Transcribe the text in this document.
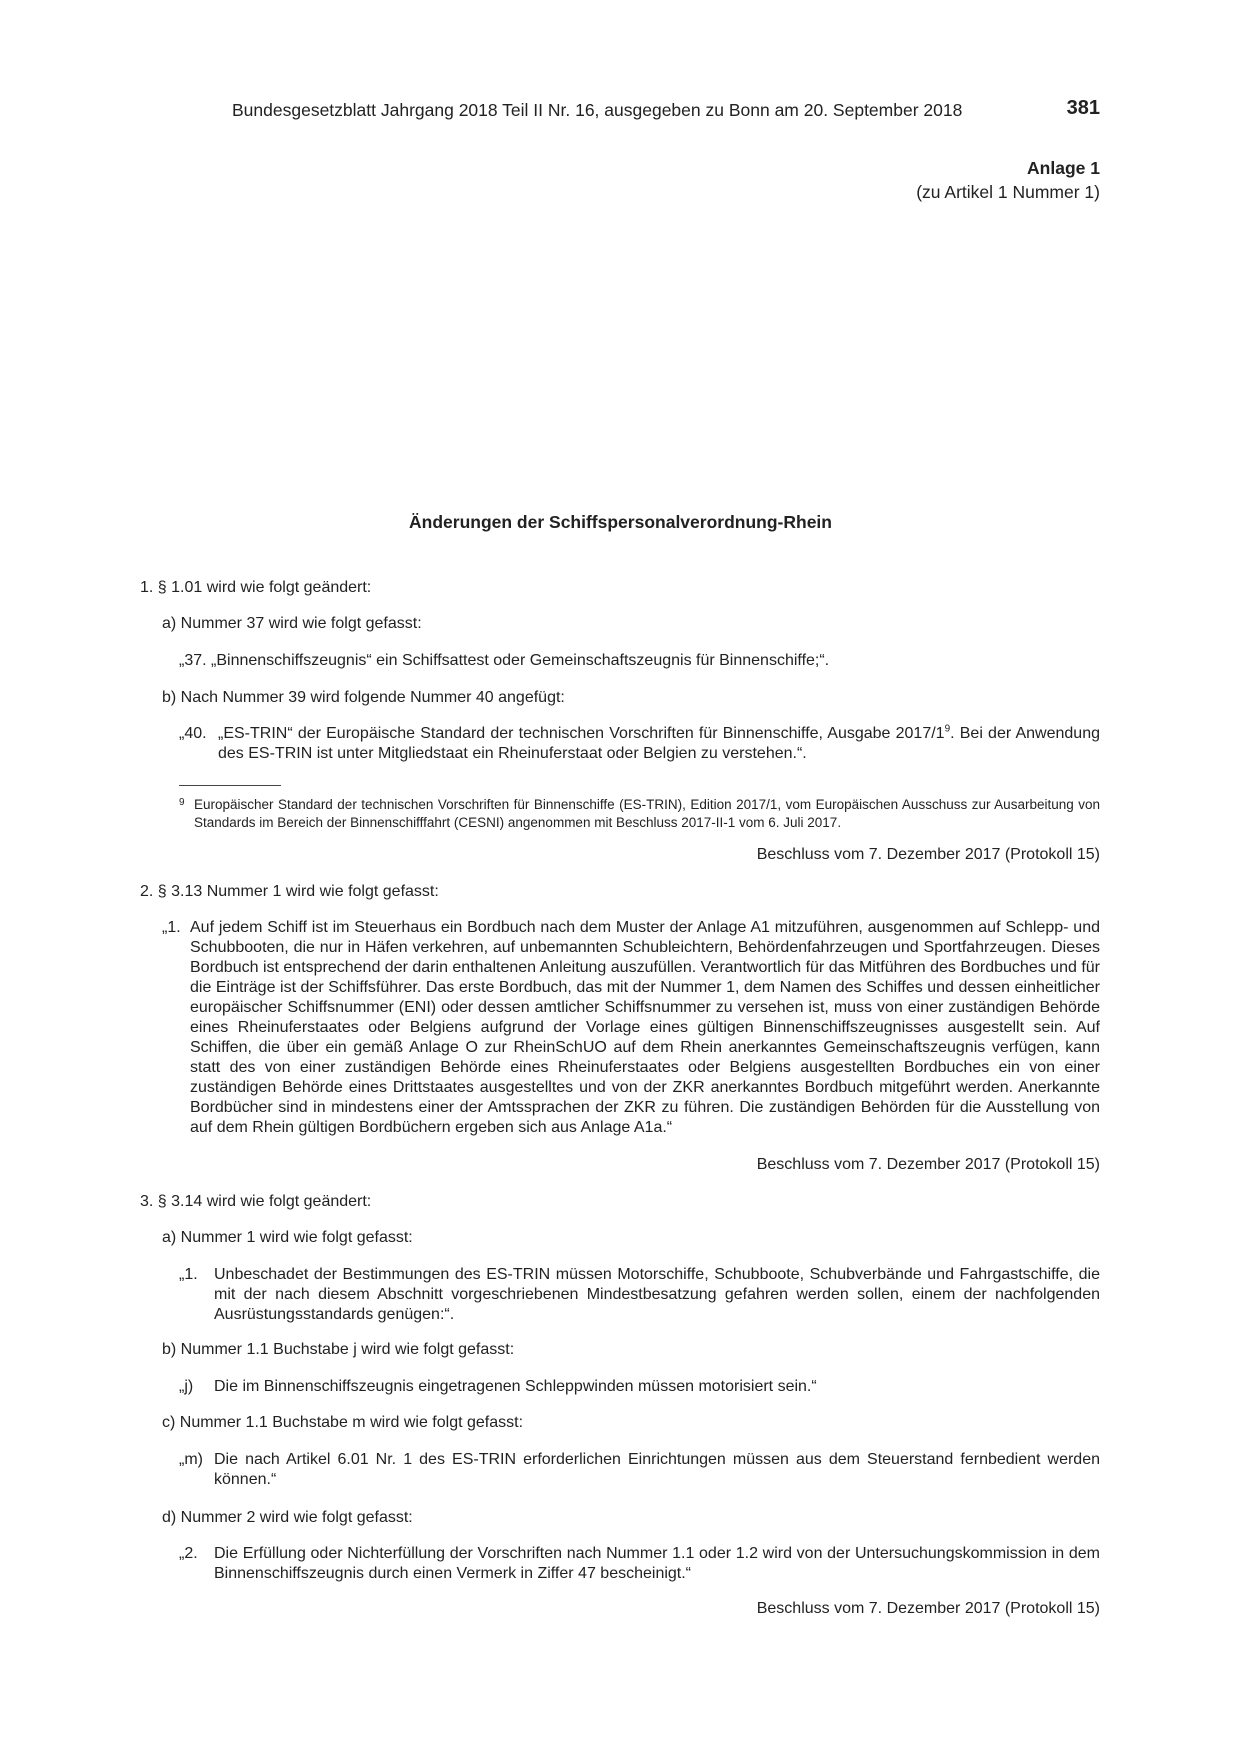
Bundesgesetzblatt Jahrgang 2018 Teil II Nr. 16, ausgegeben zu Bonn am 20. September 2018	381
Anlage 1
(zu Artikel 1 Nummer 1)
Änderungen der Schiffspersonalverordnung-Rhein
1. § 1.01 wird wie folgt geändert:
a) Nummer 37 wird wie folgt gefasst:
„37. „Binnenschiffszeugnis“ ein Schiffsattest oder Gemeinschaftszeugnis für Binnenschiffe;“.
b) Nach Nummer 39 wird folgende Nummer 40 angefügt:
„40. „ES-TRIN“ der Europäische Standard der technischen Vorschriften für Binnenschiffe, Ausgabe $2017/1^9$. Bei der Anwendung des ES-TRIN ist unter Mitgliedstaat ein Rheinuferstaat oder Belgien zu verstehen.“.
9 Europäischer Standard der technischen Vorschriften für Binnenschiffe (ES-TRIN), Edition 2017/1, vom Europäischen Ausschuss zur Ausarbeitung von Standards im Bereich der Binnenschifffahrt (CESNI) angenommen mit Beschluss 2017-II-1 vom 6. Juli 2017.
Beschluss vom 7. Dezember 2017 (Protokoll 15)
2. § 3.13 Nummer 1 wird wie folgt gefasst:
„1. Auf jedem Schiff ist im Steuerhaus ein Bordbuch nach dem Muster der Anlage A1 mitzuführen, ausgenommen auf Schlepp- und Schubbooten, die nur in Häfen verkehren, auf unbemannten Schubleichtern, Behördenfahrzeugen und Sportfahrzeugen. Dieses Bordbuch ist entsprechend der darin enthaltenen Anleitung auszufüllen. Verantwortlich für das Mitführen des Bordbuches und für die Einträge ist der Schiffsführer. Das erste Bordbuch, das mit der Nummer 1, dem Namen des Schiffes und dessen einheitlicher europäischer Schiffsnummer (ENI) oder dessen amtlicher Schiffsnummer zu versehen ist, muss von einer zuständigen Behörde eines Rheinuferstaates oder Belgiens aufgrund der Vorlage eines gültigen Binnenschiffszeugnisses ausgestellt sein. Auf Schiffen, die über ein gemäß Anlage O zur RheinSchUO auf dem Rhein anerkanntes Gemeinschaftszeugnis verfügen, kann statt des von einer zuständigen Behörde eines Rheinuferstaates oder Belgiens ausgestellten Bordbuches ein von einer zuständigen Behörde eines Drittstaates ausgestelltes und von der ZKR anerkanntes Bordbuch mitgeführt werden. Anerkannte Bordbücher sind in mindestens einer der Amtssprachen der ZKR zu führen. Die zuständigen Behörden für die Ausstellung von auf dem Rhein gültigen Bordbüchern ergeben sich aus Anlage A1a.“
Beschluss vom 7. Dezember 2017 (Protokoll 15)
3. § 3.14 wird wie folgt geändert:
a) Nummer 1 wird wie folgt gefasst:
„1. Unbeschadet der Bestimmungen des ES-TRIN müssen Motorschiffe, Schubboote, Schubverbände und Fahrgastschiffe, die mit der nach diesem Abschnitt vorgeschriebenen Mindestbesatzung gefahren werden sollen, einem der nachfolgenden Ausrüstungsstandards genügen:“.
b) Nummer 1.1 Buchstabe j wird wie folgt gefasst:
„j) Die im Binnenschiffszeugnis eingetragenen Schleppwinden müssen motorisiert sein.“
c) Nummer 1.1 Buchstabe m wird wie folgt gefasst:
„m) Die nach Artikel 6.01 Nr. 1 des ES-TRIN erforderlichen Einrichtungen müssen aus dem Steuerstand fernbedient werden können.“
d) Nummer 2 wird wie folgt gefasst:
„2. Die Erfüllung oder Nichterfüllung der Vorschriften nach Nummer 1.1 oder 1.2 wird von der Untersuchungskommission in dem Binnenschiffszeugnis durch einen Vermerk in Ziffer 47 bescheinigt.“
Beschluss vom 7. Dezember 2017 (Protokoll 15)
